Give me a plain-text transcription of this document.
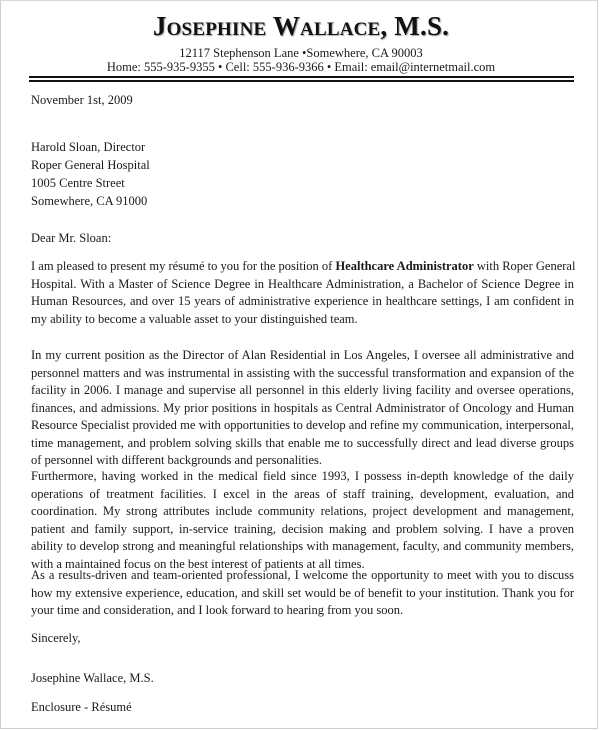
Josephine Wallace, M.S.
12117 Stephenson Lane •Somewhere, CA 90003
Home: 555-935-9355 • Cell: 555-936-9366 • Email: email@internetmail.com
November 1st, 2009
Harold Sloan, Director
Roper General Hospital
1005 Centre Street
Somewhere, CA 91000
Dear Mr. Sloan:
I am pleased to present my résumé to you for the position of Healthcare Administrator with Roper General
Hospital. With a Master of Science Degree in Healthcare Administration, a Bachelor of Science Degree in
Human Resources, and over 15 years of administrative experience in healthcare settings, I am confident in
my ability to become a valuable asset to your distinguished team.
In my current position as the Director of Alan Residential in Los Angeles, I oversee all administrative and
personnel matters and was instrumental in assisting with the successful transformation and expansion of the
facility in 2006. I manage and supervise all personnel in this elderly living facility and oversee operations,
finances, and admissions. My prior positions in hospitals as Central Administrator of Oncology and Human
Resource Specialist provided me with opportunities to develop and refine my communication, interpersonal,
time management, and problem solving skills that enable me to successfully direct and lead diverse groups
of personnel with different backgrounds and personalities.
Furthermore, having worked in the medical field since 1993, I possess in-depth knowledge of the daily
operations of treatment facilities. I excel in the areas of staff training, development, evaluation, and
coordination. My strong attributes include community relations, project development and management,
patient and family support, in-service training, decision making and problem solving. I have a proven
ability to develop strong and meaningful relationships with management, faculty, and community members,
with a maintained focus on the best interest of patients at all times.
As a results-driven and team-oriented professional, I welcome the opportunity to meet with you to discuss
how my extensive experience, education, and skill set would be of benefit to your institution. Thank you for
your time and consideration, and I look forward to hearing from you soon.
Sincerely,
Josephine Wallace, M.S.
Enclosure - Résumé
